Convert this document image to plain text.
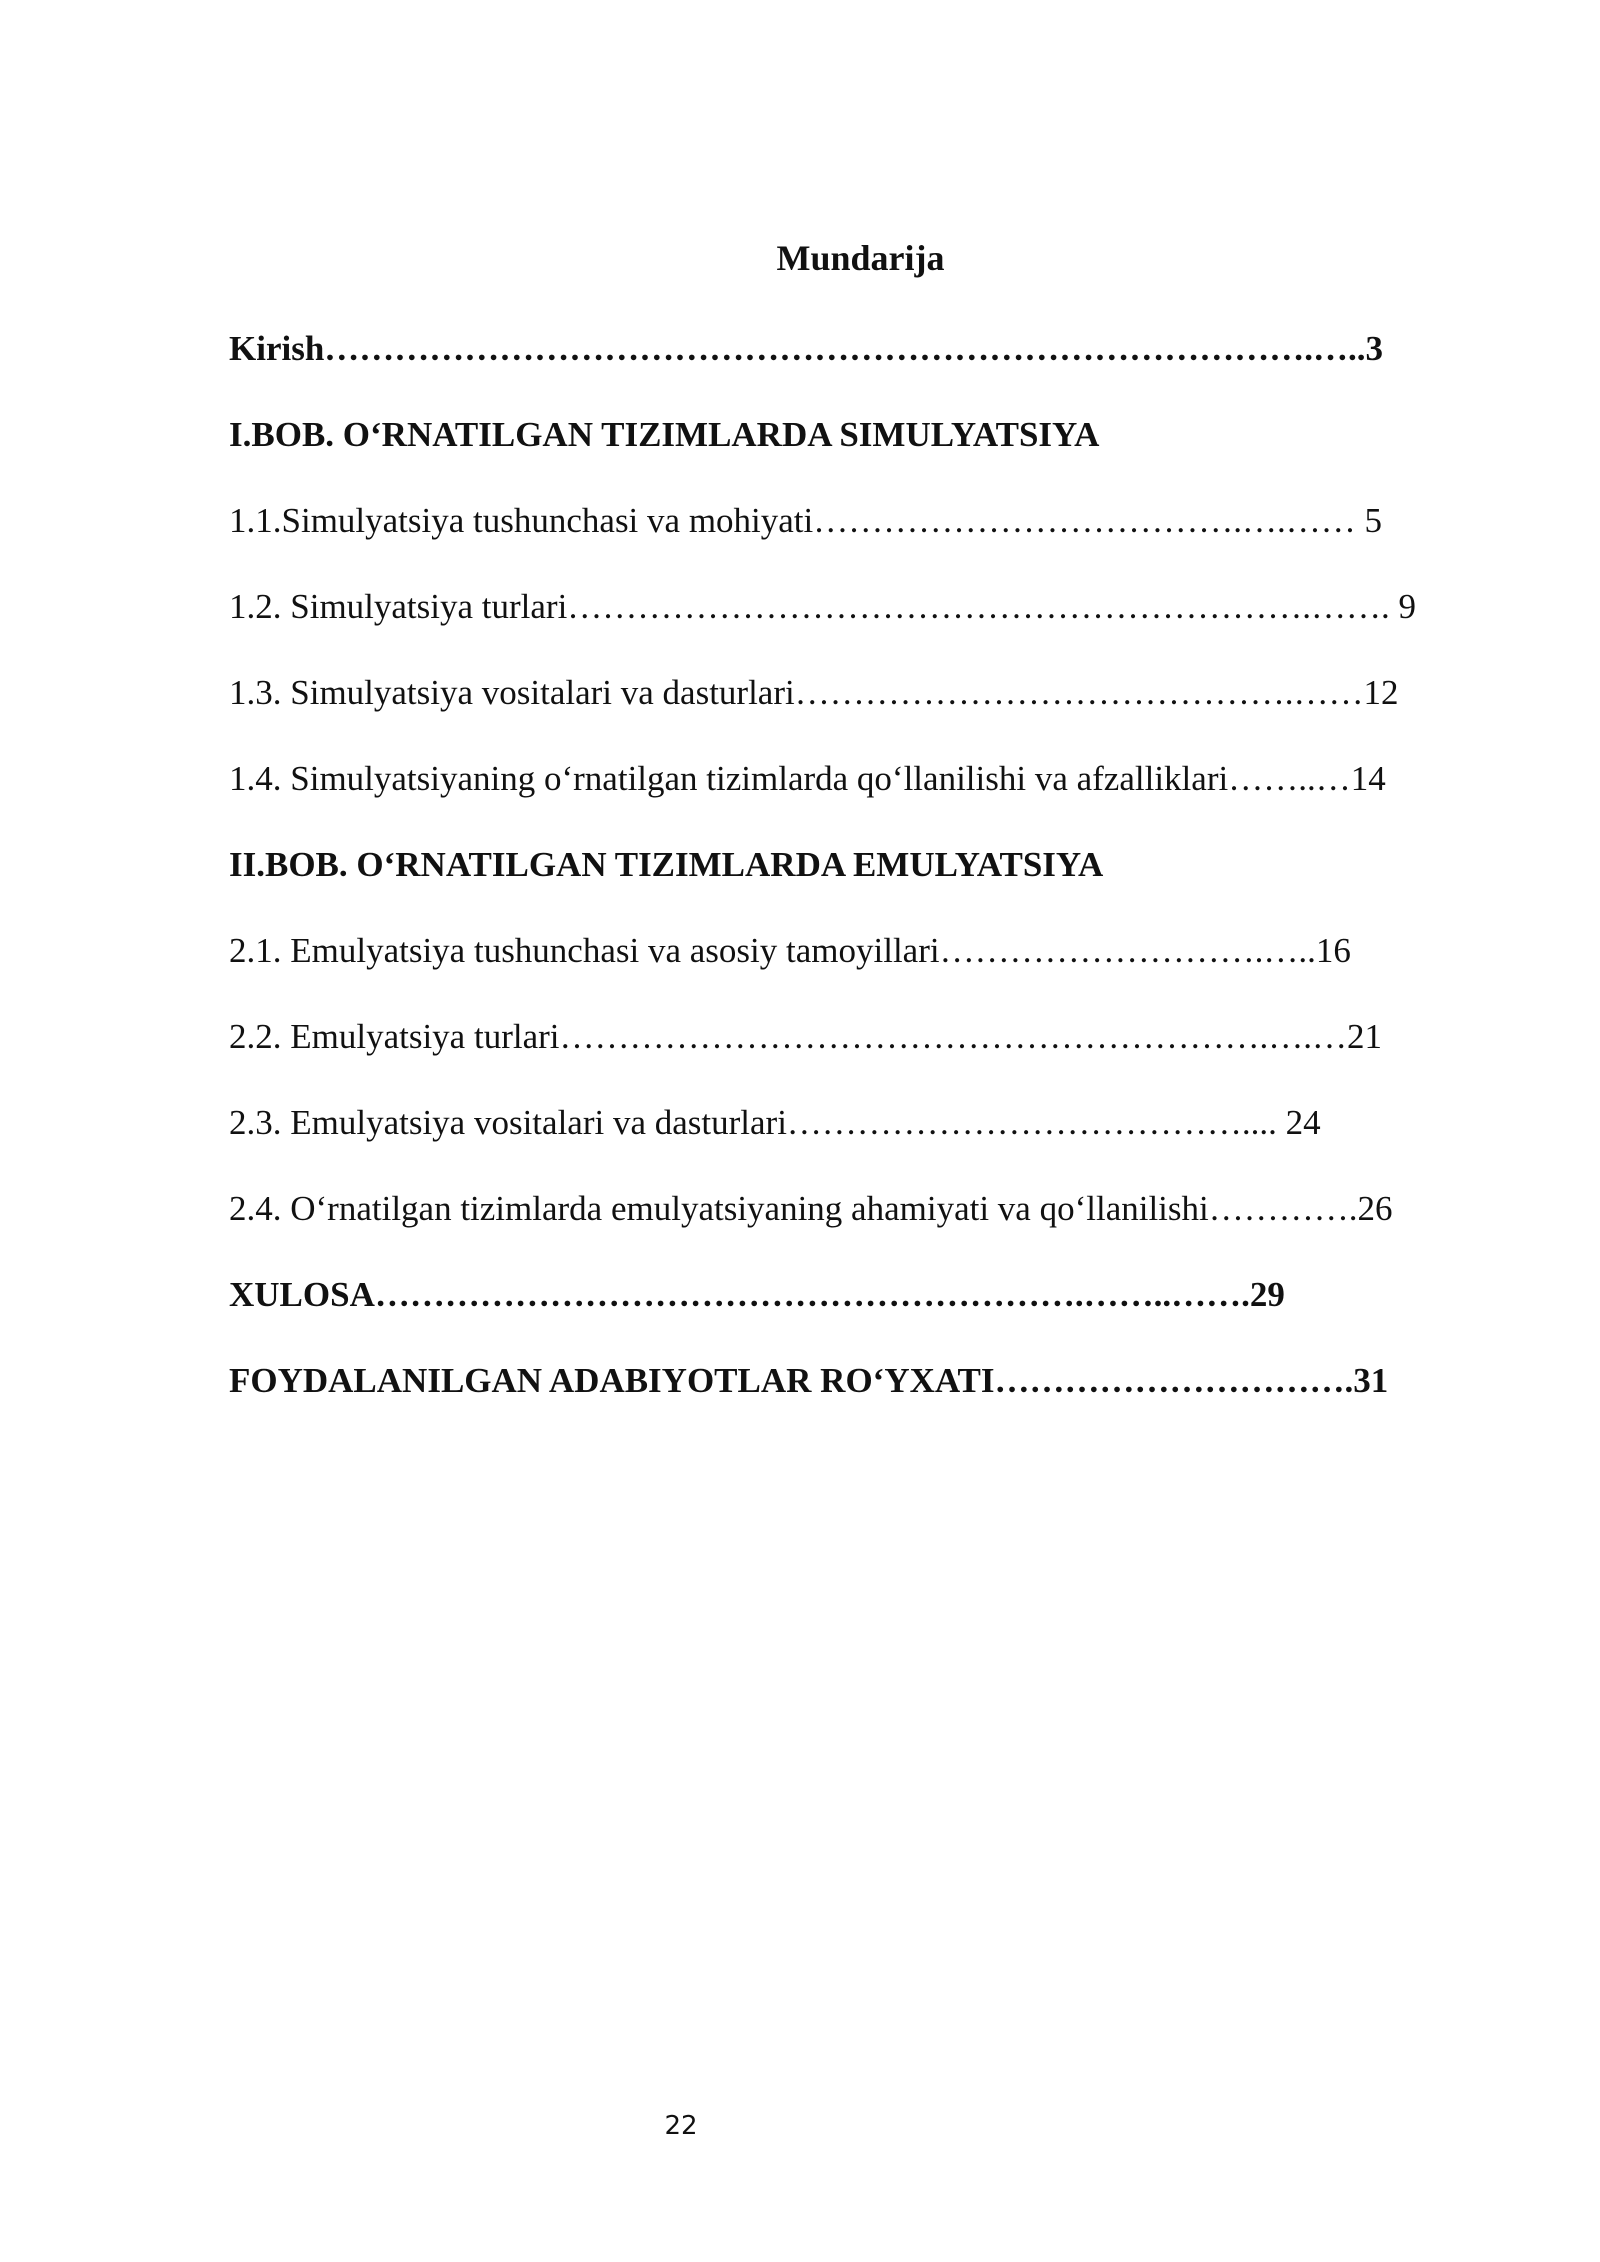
Mundarija
Kirish………………………………………………………………………….…..3
I.BOB. O‘RNATILGAN TIZIMLARDA SIMULYATSIYA
1.1.Simulyatsiya tushunchasi va mohiyati……………………………….….…… 5
1.2. Simulyatsiya turlari……………………………………………………….……. 9
1.3. Simulyatsiya vositalari va dasturlari…………………………………….……12
1.4. Simulyatsiyaning o‘rnatilgan tizimlarda qo‘llanilishi va afzalliklari……..…14
II.BOB. O‘RNATILGAN TIZIMLARDA EMULYATSIYA
2.1. Emulyatsiya tushunchasi va asosiy tamoyillari……………………….…..16
2.2. Emulyatsiya turlari…………………………………………………….….…21
2.3. Emulyatsiya vositalari va dasturlari………………………………….... 24
2.4. O‘rnatilgan tizimlarda emulyatsiyaning ahamiyati va qo‘llanilishi………….26
XULOSA…………………………………………………….……..…….29
FOYDALANILGAN ADABIYOTLAR RO‘YXATI………………………….31
22
